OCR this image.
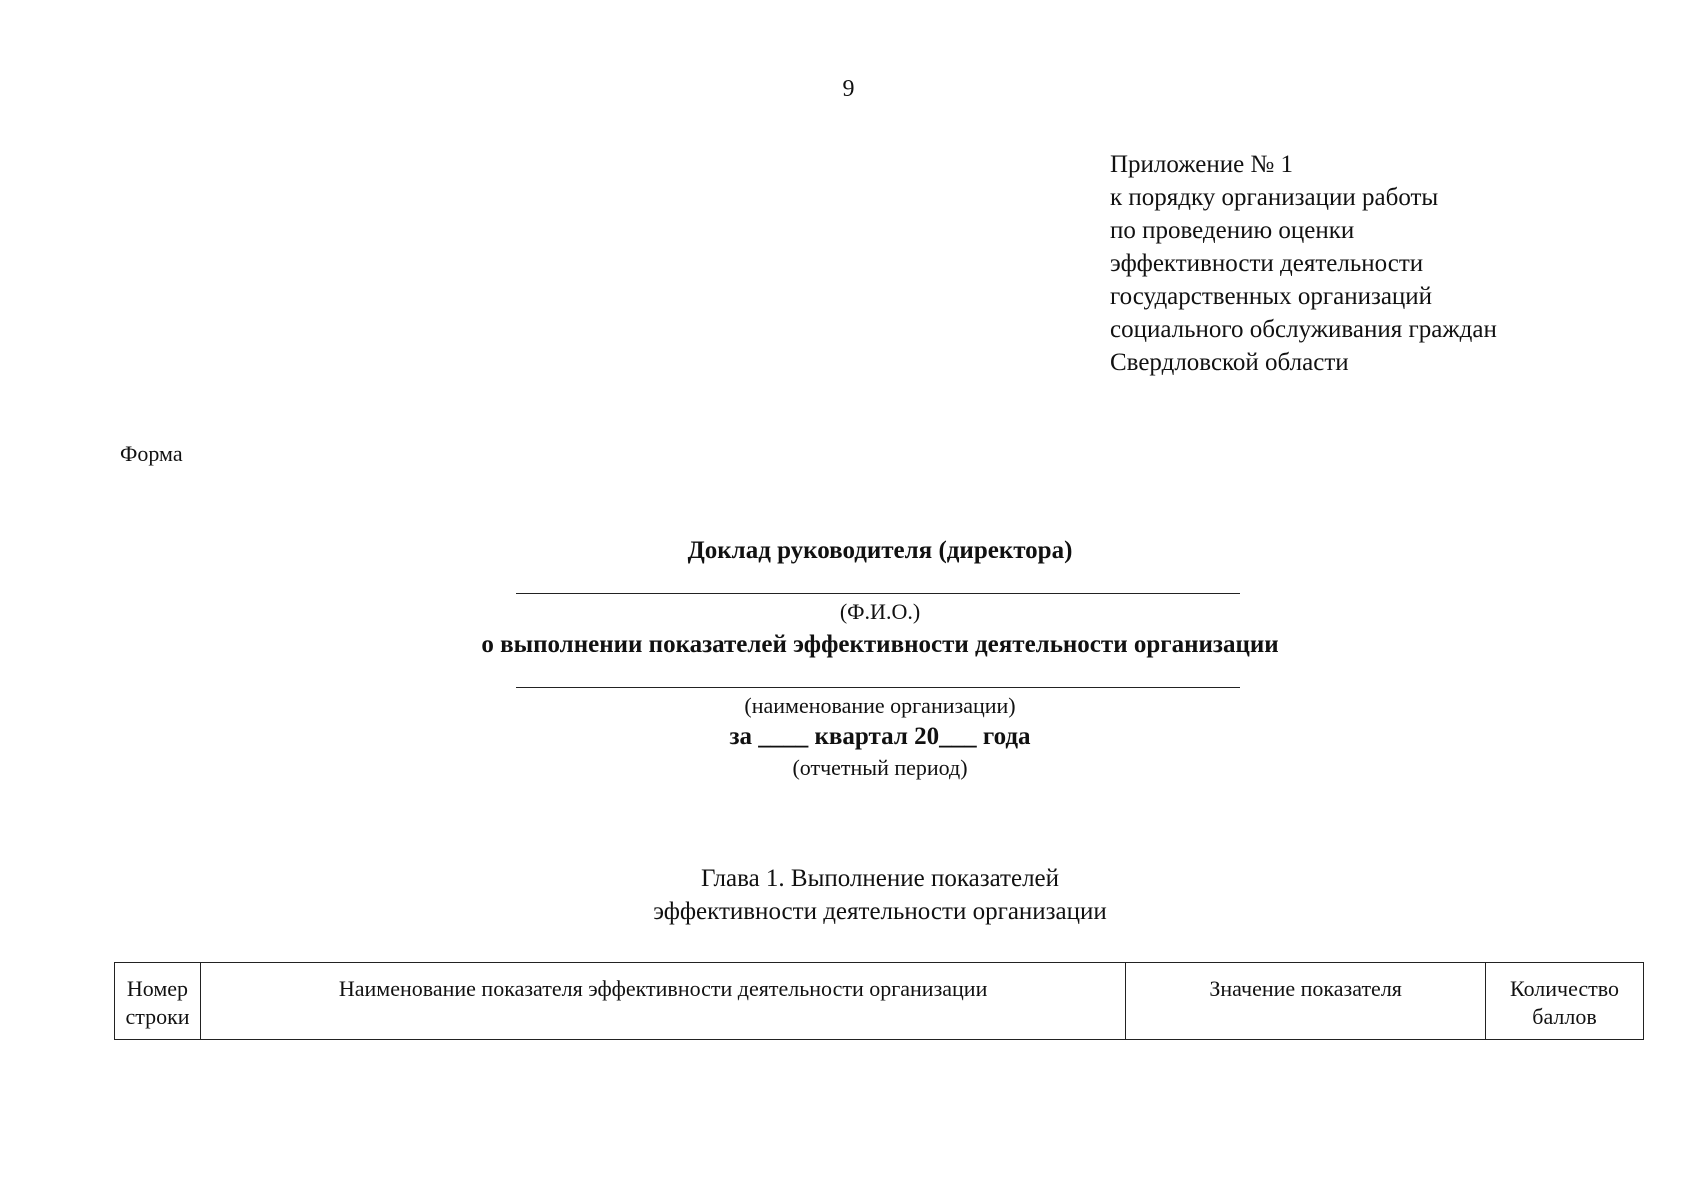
9
Приложение № 1
к порядку организации работы
по проведению оценки
эффективности деятельности
государственных организаций
социального обслуживания граждан
Свердловской области
Форма
Доклад руководителя (директора)
(Ф.И.О.)
о выполнении показателей эффективности деятельности организации
(наименование организации)
за ____ квартал 20___ года
(отчетный период)
Глава 1. Выполнение показателей
эффективности деятельности организации
Номер строки	Наименование показателя эффективности деятельности организации	Значение показателя	Количество баллов
